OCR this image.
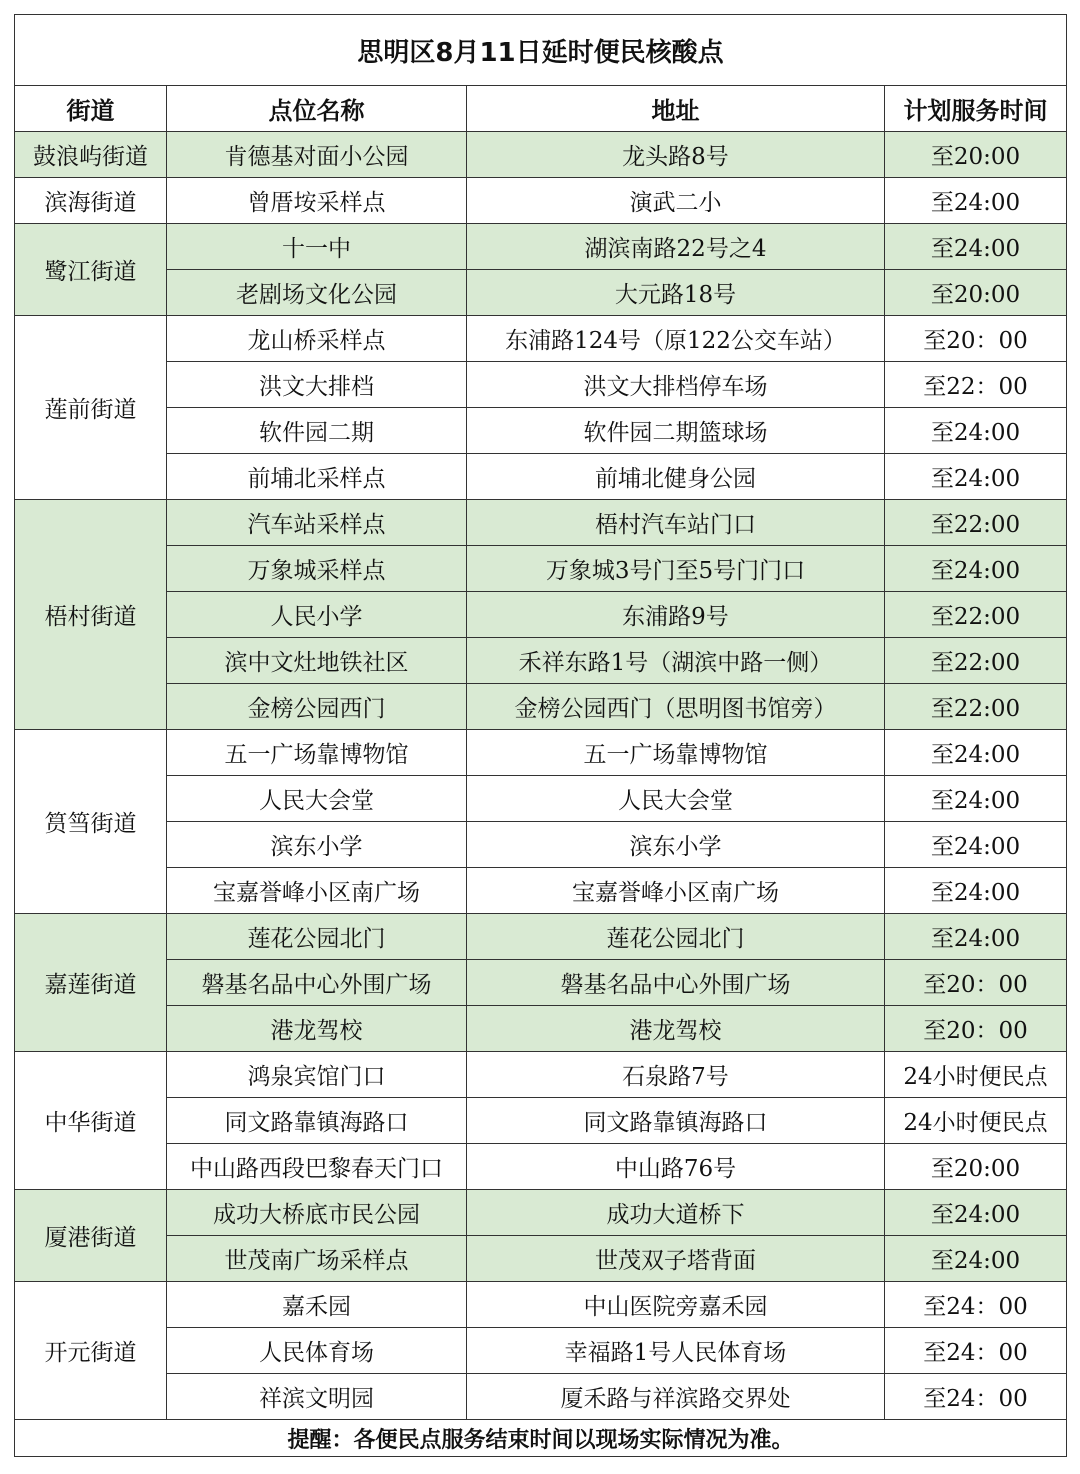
思明区8月11日延时便民核酸点			
街道	点位名称	地址	计划服务时间
鼓浪屿街道	肯德基对面小公园	龙头路8号	至20:00
滨海街道	曾厝垵采样点	演武二小	至24:00
鹭江街道	十一中	湖滨南路22号之4	至24:00
	老剧场文化公园	大元路18号	至20:00
莲前街道	龙山桥采样点	东浦路124号（原122公交车站）	至20：00
	洪文大排档	洪文大排档停车场	至22：00
	软件园二期	软件园二期篮球场	至24:00
	前埔北采样点	前埔北健身公园	至24:00
梧村街道	汽车站采样点	梧村汽车站门口	至22:00
	万象城采样点	万象城3号门至5号门门口	至24:00
	人民小学	东浦路9号	至22:00
	滨中文灶地铁社区	禾祥东路1号（湖滨中路一侧）	至22:00
	金榜公园西门	金榜公园西门（思明图书馆旁）	至22:00
筼筜街道	五一广场靠博物馆	五一广场靠博物馆	至24:00
	人民大会堂	人民大会堂	至24:00
	滨东小学	滨东小学	至24:00
	宝嘉誉峰小区南广场	宝嘉誉峰小区南广场	至24:00
嘉莲街道	莲花公园北门	莲花公园北门	至24:00
	磐基名品中心外围广场	磐基名品中心外围广场	至20：00
	港龙驾校	港龙驾校	至20：00
中华街道	鸿泉宾馆门口	石泉路7号	24小时便民点
	同文路靠镇海路口	同文路靠镇海路口	24小时便民点
	中山路西段巴黎春天门口	中山路76号	至20:00
厦港街道	成功大桥底市民公园	成功大道桥下	至24:00
	世茂南广场采样点	世茂双子塔背面	至24:00
开元街道	嘉禾园	中山医院旁嘉禾园	至24：00
	人民体育场	幸福路1号人民体育场	至24：00
	祥滨文明园	厦禾路与祥滨路交界处	至24：00
提醒：各便民点服务结束时间以现场实际情况为准。			
